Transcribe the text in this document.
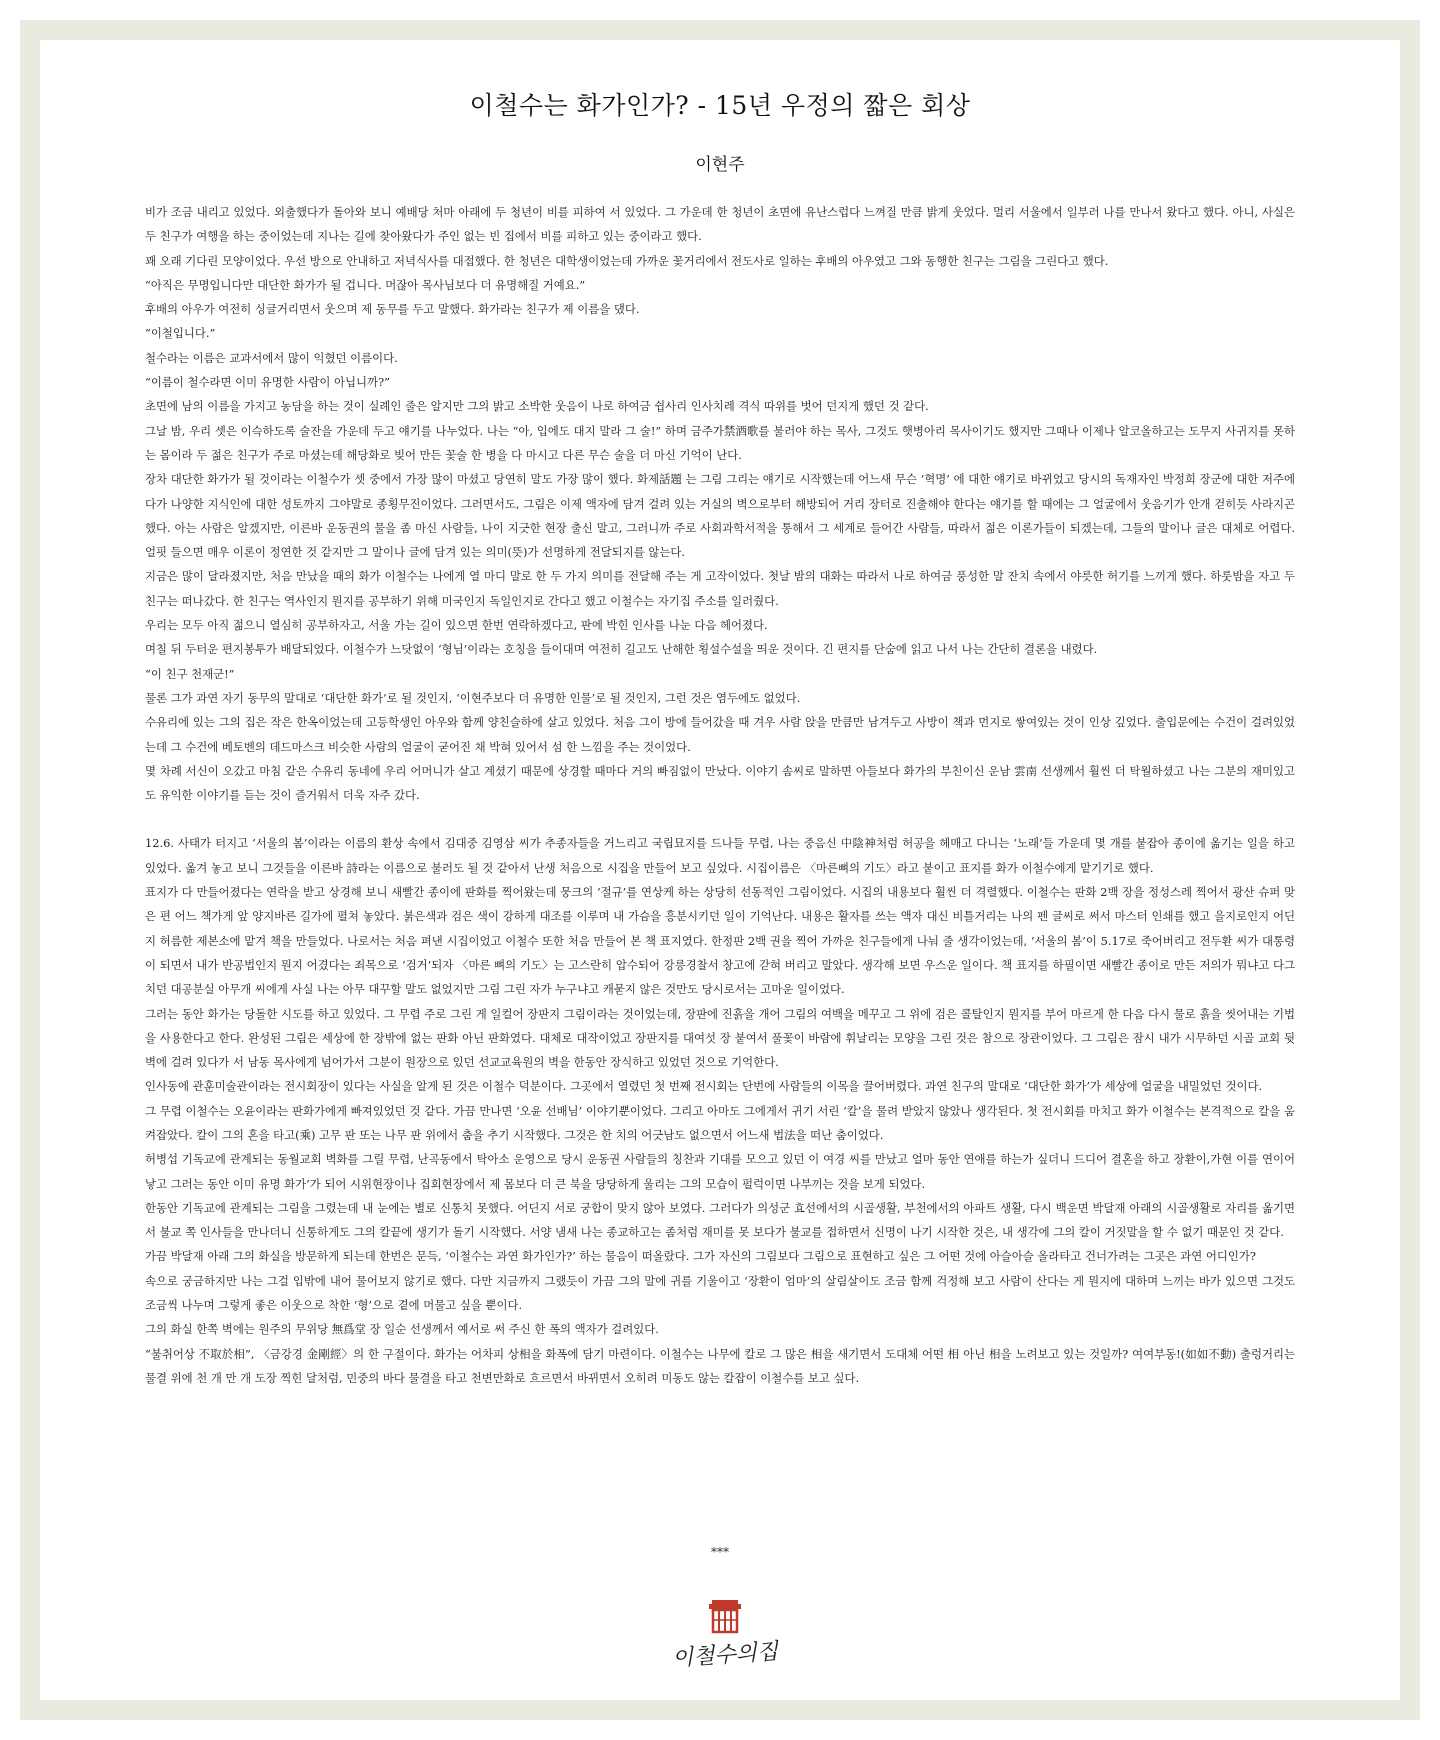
이철수는 화가인가? - 15년 우정의 짧은 회상
이현주

비가 조금 내리고 있었다. 외출했다가 돌아와 보니 예배당 처마 아래에 두 청년이 비를 피하여 서 있었다. 그 가운데 한 청년이 초면에 유난스럽다 느껴질 만큼 밝게 웃었다. 멀리 서울에서 일부러 나를 만나서 왔다고 했다. 아니, 사실은 두 친구가 여행을 하는 중이었는데 지나는 길에 찾아왔다가 주인 없는 빈 집에서 비를 피하고 있는 중이라고 했다.

꽤 오래 기다린 모양이었다. 우선 방으로 안내하고 저녁식사를 대접했다. 한 청년은 대학생이었는데 가까운 꽃거리에서 전도사로 일하는 후배의 아우였고 그와 동행한 친구는 그림을 그린다고 했다.

“아직은 무명입니다만 대단한 화가가 될 겁니다. 머잖아 목사님보다 더 유명해질 거예요.”

후배의 아우가 여전히 싱글거리면서 웃으며 제 동무를 두고 말했다. 화가라는 친구가 제 이름을 댔다.

“이철입니다.”

철수라는 이름은 교과서에서 많이 익혔던 이름이다.

“이름이 철수라면 이미 유명한 사람이 아닙니까?”

초면에 남의 이름을 가지고 농담을 하는 것이 실례인 줄은 알지만 그의 밝고 소박한 웃음이 나로 하여금 쉽사리 인사치레 격식 따위를 벗어 던지게 했던 것 같다.

그날 밤, 우리 셋은 이슥하도록 술잔을 가운데 두고 얘기를 나누었다. 나는 “아, 입에도 대지 말라 그 술!” 하며 금주가禁酒歌를 불러야 하는 목사, 그것도 햇병아리 목사이기도 했지만 그때나 이제나 알코올하고는 도무지 사귀지를 못하는 몸이라 두 젊은 친구가 주로 마셨는데 해당화로 빚어 만든 꽃술 한 병을 다 마시고 다른 무슨 술을 더 마신 기억이 난다.

장차 대단한 화가가 될 것이라는 이철수가 셋 중에서 가장 많이 마셨고 당연히 말도 가장 많이 했다. 화제話題 는 그림 그리는 얘기로 시작했는데 어느새 무슨 ‘혁명’ 에 대한 얘기로 바뀌었고 당시의 독재자인 박정희 장군에 대한 저주에다가 나양한 지식인에 대한 성토까지 그야말로 종횡무진이었다. 그러면서도, 그림은 이제 액자에 담겨 걸려 있는 거실의 벽으로부터 해방되어 거리 장터로 진출해야 한다는 얘기를 할 때에는 그 얼굴에서 웃음기가 안개 걷히듯 사라지곤 했다. 아는 사람은 알겠지만, 이른바 운동권의 물을 좀 마신 사람들, 나이 지긋한 현장 출신 말고, 그러니까 주로 사회과학서적을 통해서 그 세계로 들어간 사람들, 따라서 젊은 이론가들이 되겠는데, 그들의 말이나 글은 대체로 어렵다. 얼핏 들으면 매우 이론이 정연한 것 같지만 그 말이나 글에 담겨 있는 의미(뜻)가 선명하게 전달되지를 않는다.

지금은 많이 달라졌지만, 처음 만났을 때의 화가 이철수는 나에게 열 마디 말로 한 두 가지 의미를 전달해 주는 게 고작이었다. 첫날 밤의 대화는 따라서 나로 하여금 풍성한 말 잔치 속에서 야릇한 허기를 느끼게 했다. 하룻밤을 자고 두 친구는 떠나갔다. 한 친구는 역사인지 뭔지를 공부하기 위해 미국인지 독일인지로 간다고 했고 이철수는 자기집 주소를 일러줬다.

우리는 모두 아직 젊으니 열심히 공부하자고, 서울 가는 길이 있으면 한번 연락하겠다고, 판에 박힌 인사를 나눈 다음 헤어졌다.

며칠 뒤 두터운 편지봉투가 배달되었다. 이철수가 느닷없이 ‘형님’이라는 호칭을 들이대며 여전히 길고도 난해한 횡설수설을 띄운 것이다. 긴 편지를 단숨에 읽고 나서 나는 간단히 결론을 내렸다.

“이 친구 천재군!”

물론 그가 과연 자기 동무의 말대로 ‘대단한 화가’로 될 것인지, ‘이현주보다 더 유명한 인물’로 될 것인지, 그런 것은 염두에도 없었다.

수유리에 있는 그의 집은 작은 한옥이었는데 고등학생인 아우와 함께 양친슬하에 살고 있었다. 처음 그이 방에 들어갔을 때 겨우 사람 앉을 만큼만 남겨두고 사방이 책과 먼지로 쌓여있는 것이 인상 깊었다. 출입문에는 수건이 걸려있었는데 그 수건에 베토벤의 데드마스크 비슷한 사람의 얼굴이 굳어진 채 박혀 있어서 섬 한 느낌을 주는 것이었다.

몇 차례 서신이 오갔고 마침 같은 수유리 동네에 우리 어머니가 살고 계셨기 때문에 상경할 때마다 거의 빠짐없이 만났다. 이야기 솜씨로 말하면 아들보다 화가의 부친이신 운남 雲南 선생께서 훨씬 더 탁월하셨고 나는 그분의 재미있고도 유익한 이야기를 듣는 것이 즐거워서 더욱 자주 갔다.

12.6. 사태가 터지고 ‘서울의 봄’이라는 이름의 환상 속에서 김대중 김영삼 씨가 추종자들을 거느리고 국립묘지를 드나들 무렵, 나는 중음신 中陰神처럼 허공을 헤매고 다니는 ‘노래’들 가운데 몇 개를 붙잡아 종이에 옮기는 일을 하고 있었다. 옮겨 놓고 보니 그것들을 이른바 詩라는 이름으로 불러도 될 것 같아서 난생 처음으로 시집을 만들어 보고 싶었다. 시집이름은 〈마른뼈의 기도〉라고 붙이고 표지를 화가 이철수에게 맡기기로 했다.

표지가 다 만들어졌다는 연락을 받고 상경해 보니 새빨간 종이에 판화를 찍어왔는데 뭉크의 ‘절규’를 연상케 하는 상당히 선동적인 그림이었다. 시집의 내용보다 훨씬 더 격렬했다. 이철수는 판화 2백 장을 정성스레 찍어서 광산 슈퍼 맞은 편 어느 책가게 앞 양지바른 길가에 펼쳐 놓았다. 붉은색과 검은 색이 강하게 대조를 이루며 내 가슴을 흥분시키던 일이 기억난다. 내용은 활자를 쓰는 액자 대신 비틀거리는 나의 펜 글씨로 써서 마스터 인쇄를 했고 을지로인지 어딘지 허름한 제본소에 맡겨 책을 만들었다. 나로서는 처음 펴낸 시집이었고 이철수 또한 처음 만들어 본 책 표지였다. 한정판 2백 권을 찍어 가까운 친구들에게 나눠 줄 생각이었는데, ‘서울의 봄’이 5.17로 죽어버리고 전두환 씨가 대통령이 되면서 내가 반공법인지 뭔지 어겼다는 죄목으로 ‘검거’되자 〈마른 뼈의 기도〉는 고스란히 압수되어 강릉경찰서 창고에 갇혀 버리고 말았다. 생각해 보면 우스운 일이다. 책 표지를 하필이면 새빨간 종이로 만든 저의가 뭐냐고 다그치던 대공분실 아무개 씨에게 사실 나는 아무 대꾸할 말도 없었지만 그림 그린 자가 누구냐고 캐묻지 않은 것만도 당시로서는 고마운 일이었다.

그러는 동안 화가는 당돌한 시도를 하고 있었다. 그 무렵 주로 그린 게 일컬어 장판지 그림이라는 것이었는데, 장판에 진흙을 개어 그림의 여백을 메꾸고 그 위에 검은 콜탈인지 뭔지를 부어 마르게 한 다음 다시 물로 흙을 씻어내는 기법을 사용한다고 한다. 완성된 그림은 세상에 한 장밖에 없는 판화 아닌 판화였다. 대체로 대작이었고 장판지를 대여섯 장 붙여서 풀꽃이 바람에 휘날리는 모양을 그린 것은 참으로 장관이었다. 그 그림은 잠시 내가 시무하던 시골 교회 뒷벽에 걸려 있다가 서 남동 목사에게 넘어가서 그분이 원장으로 있던 선교교육원의 벽을 한동안 장식하고 있었던 것으로 기억한다.

인사동에 관훈미술관이라는 전시회장이 있다는 사실을 알게 된 것은 이철수 덕분이다. 그곳에서 열렸던 첫 번째 전시회는 단번에 사람들의 이목을 끌어버렸다. 과연 친구의 말대로 ‘대단한 화가’가 세상에 얼굴을 내밀었던 것이다.

그 무렵 이철수는 오윤이라는 판화가에게 빠져있었던 것 같다. 가끔 만나면 ‘오윤 선배님’ 이야기뿐이었다. 그리고 아마도 그에게서 귀기 서린 ‘칼’을 물려 받았지 않았나 생각된다. 첫 전시회를 마치고 화가 이철수는 본격적으로 칼을 움켜잡았다. 칼이 그의 혼을 타고(乘) 고무 판 또는 나무 판 위에서 춤을 추기 시작했다. 그것은 한 치의 어긋남도 없으면서 어느새 법法을 떠난 춤이었다.

허병섭 기독교에 관계되는 동월교회 벽화를 그릴 무렵, 난곡동에서 탁아소 운영으로 당시 운동권 사람들의 칭찬과 기대를 모으고 있던 이 여경 씨를 만났고 얼마 동안 연애를 하는가 싶더니 드디어 결혼을 하고 장환이,가현 이를 연이어 낳고 그러는 동안 이미 유명 화가’가 되어 시위현장이나 집회현장에서 제 몸보다 더 큰 북을 당당하게 울리는 그의 모습이 펄럭이면 나부끼는 것을 보게 되었다.

한동안 기독교에 관계되는 그림을 그렸는데 내 눈에는 별로 신통치 못했다. 어딘지 서로 궁합이 맞지 않아 보였다. 그러다가 의성군 효선에서의 시골생활, 부천에서의 아파트 생활, 다시 백운면 박달재 아래의 시골생활로 자리를 옮기면서 불교 쪽 인사들을 만나더니 신통하게도 그의 칼끝에 생기가 돌기 시작했다. 서양 냄새 나는 종교하고는 좀처럼 재미를 못 보다가 불교를 접하면서 신명이 나기 시작한 것은, 내 생각에 그의 칼이 거짓말을 할 수 없기 때문인 것 같다.

가끔 박달재 아래 그의 화실을 방문하게 되는데 한번은 문득, ‘이철수는 과연 화가인가?’ 하는 물음이 떠올랐다. 그가 자신의 그림보다 그림으로 표현하고 싶은 그 어떤 것에 아슬아슬 올라타고 건너가려는 그곳은 과연 어디인가?

속으로 궁금하지만 나는 그걸 입밖에 내어 물어보지 않기로 했다. 다만 지금까지 그랬듯이 가끔 그의 말에 귀를 기울이고 ‘장환이 엄마’의 살림살이도 조금 함께 걱정해 보고 사람이 산다는 게 뭔지에 대하며 느끼는 바가 있으면 그것도 조금씩 나누며 그렇게 좋은 이웃으로 착한 ‘형’으로 곁에 머물고 싶을 뿐이다.

그의 화실 한쪽 벽에는 원주의 무위당 無爲堂 장 일순 선생께서 예서로 써 주신 한 폭의 액자가 걸려있다.

“불취어상 不取於相”, 〈금강경 金剛經〉의 한 구절이다. 화가는 어차피 상相을 화폭에 담기 마련이다. 이철수는 나무에 칼로 그 많은 相을 새기면서 도대체 어떤 相 아닌 相을 노려보고 있는 것일까? 여여부동!(如如不動) 출렁거리는 물결 위에 천 개 만 개 도장 찍힌 달처럼, 민중의 바다 물결을 타고 천변만화로 흐르면서 바뀌면서 오히려 미동도 않는 칼잡이 이철수를 보고 싶다.

***
이철수의집
